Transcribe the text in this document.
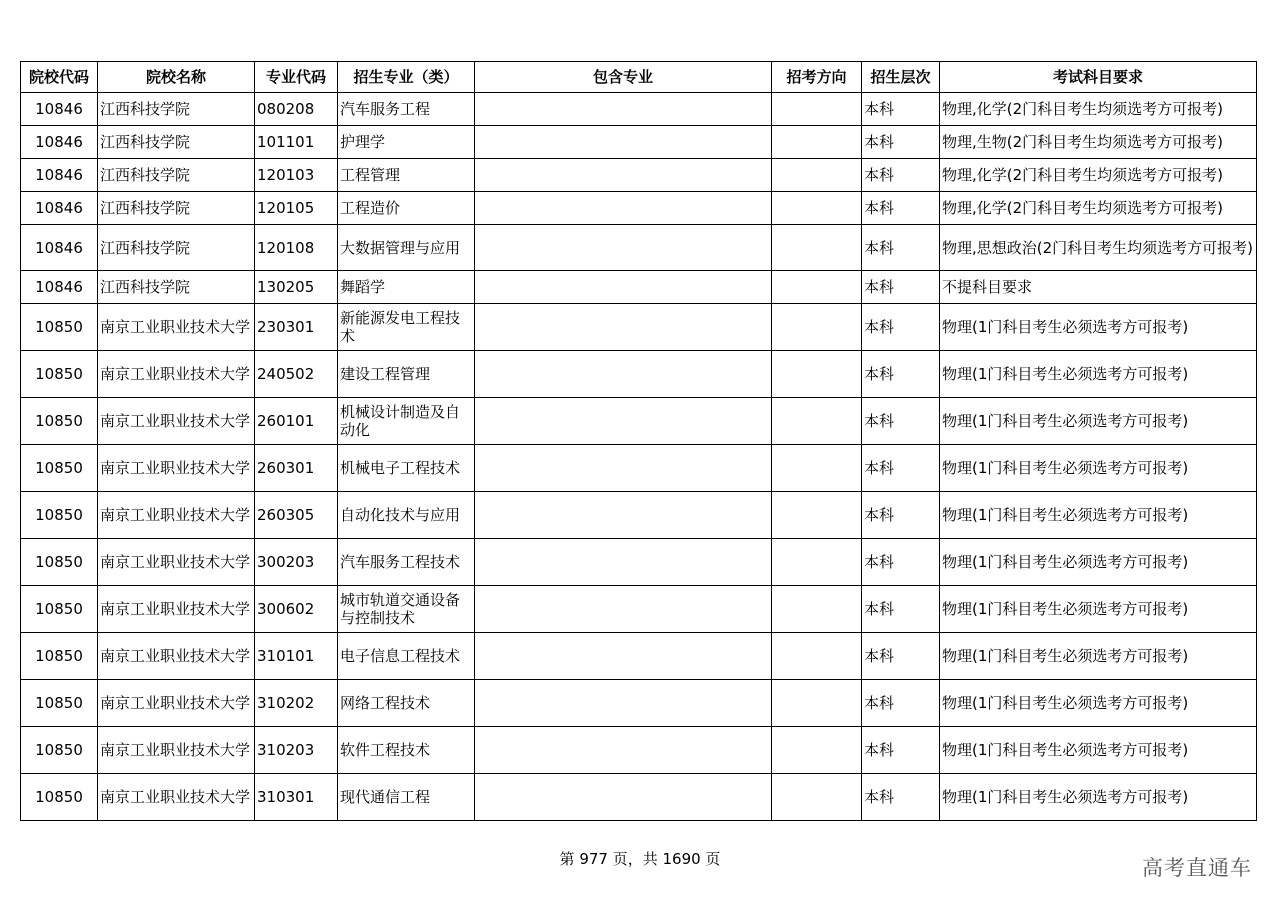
院校代码	院校名称	专业代码	招生专业（类）	包含专业	招考方向	招生层次	考试科目要求
10846	江西科技学院	080208	汽车服务工程			本科	物理,化学(2门科目考生均须选考方可报考)
10846	江西科技学院	101101	护理学			本科	物理,生物(2门科目考生均须选考方可报考)
10846	江西科技学院	120103	工程管理			本科	物理,化学(2门科目考生均须选考方可报考)
10846	江西科技学院	120105	工程造价			本科	物理,化学(2门科目考生均须选考方可报考)
10846	江西科技学院	120108	大数据管理与应用			本科	物理,思想政治(2门科目考生均须选考方可报考)
10846	江西科技学院	130205	舞蹈学			本科	不提科目要求
10850	南京工业职业技术大学	230301	新能源发电工程技术			本科	物理(1门科目考生必须选考方可报考)
10850	南京工业职业技术大学	240502	建设工程管理			本科	物理(1门科目考生必须选考方可报考)
10850	南京工业职业技术大学	260101	机械设计制造及自动化			本科	物理(1门科目考生必须选考方可报考)
10850	南京工业职业技术大学	260301	机械电子工程技术			本科	物理(1门科目考生必须选考方可报考)
10850	南京工业职业技术大学	260305	自动化技术与应用			本科	物理(1门科目考生必须选考方可报考)
10850	南京工业职业技术大学	300203	汽车服务工程技术			本科	物理(1门科目考生必须选考方可报考)
10850	南京工业职业技术大学	300602	城市轨道交通设备与控制技术			本科	物理(1门科目考生必须选考方可报考)
10850	南京工业职业技术大学	310101	电子信息工程技术			本科	物理(1门科目考生必须选考方可报考)
10850	南京工业职业技术大学	310202	网络工程技术			本科	物理(1门科目考生必须选考方可报考)
10850	南京工业职业技术大学	310203	软件工程技术			本科	物理(1门科目考生必须选考方可报考)
10850	南京工业职业技术大学	310301	现代通信工程			本科	物理(1门科目考生必须选考方可报考)
第 977 页，共 1690 页	高考直通车
